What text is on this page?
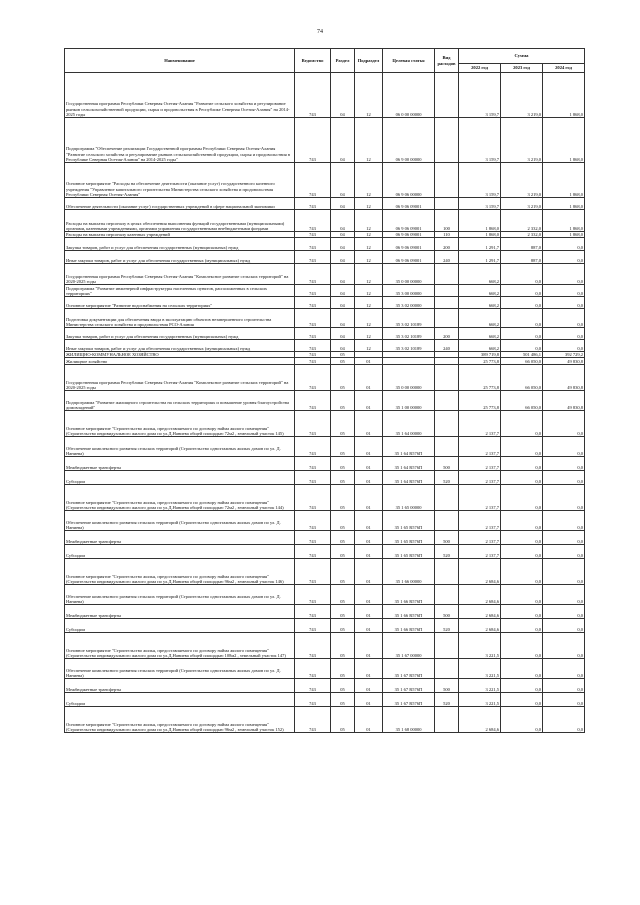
74
Наименование	Ведомство	Раздел	Подраздел	Целевая статья	Вид расходов	Сумма		
						2022 год	2023 год	2024 год
Государственная программа Республики Северная Осетия-Алания "Развитие сельского хозяйства и регулирование рынков сельскохозяйственной продукции, сырья и продовольствия в Республике Северная Осетия-Алания" на 2014-2025 годы	743	04	12	06 0 00 00000		3 159,7	3 219,0	1 868,0
Подпрограмма "Обеспечение реализации Государственной программы Республики Северная Осетия-Алания "Развитие сельского хозяйства и регулирование рынков сельскохозяйственной продукции, сырья и продовольствия в Республике Северная Осетия-Алания" на 2014-2025 годы"	743	04	12	06 9 00 00000		3 159,7	3 219,0	1 868,0
Основное мероприятие "Расходы на обеспечение деятельности (оказание услуг) государственного казенного учреждения "Управление капитального строительства Министерства сельского хозяйства и продовольствия Республики Северная Осетия-Алания"	743	04	12	06 9 06 00000		3 159,7	3 219,0	1 868,0
Обеспечение деятельности (оказание услуг) государственных учреждений в сфере национальной экономики	743	04	12	06 9 06 09001		3 159,7	3 219,0	1 868,0
Расходы на выплаты персоналу в целях обеспечения выполнения функций государственными (муниципальными) органами, казенными учреждениями, органами управления государственными внебюджетными фондами	743	04	12	06 9 06 09001	100	1 868,0	2 332,0	1 868,0
Расходы на выплаты персоналу казенных учреждений	743	04	12	06 9 06 09001	110	1 868,0	2 332,0	1 868,0
Закупка товаров, работ и услуг для обеспечения государственных (муниципальных) нужд	743	04	12	06 9 06 09001	200	1 291,7	887,0	0,0
Иные закупки товаров, работ и услуг для обеспечения государственных (муниципальных) нужд	743	04	12	06 9 06 09001	240	1 291,7	887,0	0,0
Государственная программа Республики Северная Осетия-Алания "Комплексное развитие сельских территорий" на 2020-2025 годы	743	04	12	35 0 00 00000		668,2	0,0	0,0
Подпрограмма "Развитие инженерной инфраструктуры населенных пунктов, расположенных в сельских территориях"	743	04	12	35 3 00 00000		668,2	0,0	0,0
Основное мероприятие "Развитие водоснабжения на сельских территориях"	743	04	12	35 3 02 00000		668,2	0,0	0,0
Подготовка документации для обеспечения ввода в эксплуатацию объектов незавершенного строительства Министерства сельского хозяйства и продовольствия РСО-Алания	743	04	12	35 3 02 10189		668,2	0,0	0,0
Закупка товаров, работ и услуг для обеспечения государственных (муниципальных) нужд	743	04	12	35 3 02 10189	200	668,2	0,0	0,0
Иные закупки товаров, работ и услуг для обеспечения государственных (муниципальных) нужд	743	04	12	35 3 02 10189	240	668,2	0,0	0,0
ЖИЛИЩНО-КОММУНАЛЬНОЕ ХОЗЯЙСТВО	743	05				389 719,8	501 486,1	392 729,2
Жилищное хозяйство	743	05	01			25 773,8	66 050,0	49 830,8
Государственная программа Республики Северная Осетия-Алания "Комплексное развитие сельских территорий" на 2020-2025 годы	743	05	01	35 0 00 00000		25 773,8	66 050,0	49 830,8
Подпрограмма "Развитие жилищного строительства на сельских территориях и повышение уровня благоустройства домовладений"	743	05	01	35 1 00 00000		25 773,8	66 050,0	49 830,8
Основное мероприятие "Строительство жилья, предоставляемого по договору найма жилого помещения" (Строительство индивидуального жилого дома по ул.Д.Наниева общей площадью 72м2 , земельный участок 145)	743	05	01	35 1 64 00000		2 137,7	0,0	0,0
Обеспечение комплексного развития сельских территорий (Строительство одноэтажных жилых домов по ул. Д. Наниева)	743	05	01	35 1 64 R576П		2 137,7	0,0	0,0
Межбюджетные трансферты	743	05	01	35 1 64 R576П	500	2 137,7	0,0	0,0
Субсидии	743	05	01	35 1 64 R576П	520	2 137,7	0,0	0,0
Основное мероприятие "Строительство жилья, предоставляемого по договору найма жилого помещения" (Строительство индивидуального жилого дома по ул.Д.Наниева общей площадью 72м2 , земельный участок 144)	743	05	01	35 1 65 00000		2 137,7	0,0	0,0
Обеспечение комплексного развития сельских территорий (Строительство одноэтажных жилых домов по ул. Д. Наниева)	743	05	01	35 1 65 R576П		2 137,7	0,0	0,0
Межбюджетные трансферты	743	05	01	35 1 65 R576П	500	2 137,7	0,0	0,0
Субсидии	743	05	01	35 1 65 R576П	520	2 137,7	0,0	0,0
Основное мероприятие "Строительство жилья, предоставляемого по договору найма жилого помещения" (Строительство индивидуального жилого дома по ул.Д.Наниева общей площадью 96м2 , земельный участок 146)	743	05	01	35 1 66 00000		2 684,6	0,0	0,0
Обеспечение комплексного развития сельских территорий (Строительство одноэтажных жилых домов по ул. Д. Наниева)	743	05	01	35 1 66 R576П		2 684,6	0,0	0,0
Межбюджетные трансферты	743	05	01	35 1 66 R576П	500	2 684,6	0,0	0,0
Субсидии	743	05	01	35 1 66 R576П	520	2 684,6	0,0	0,0
Основное мероприятие "Строительство жилья, предоставляемого по договору найма жилого помещения" (Строительство индивидуального жилого дома по ул.Д.Наниева общей площадью 108м2 , земельный участок 147)	743	05	01	35 1 67 00000		3 221,5	0,0	0,0
Обеспечение комплексного развития сельских территорий (Строительство одноэтажных жилых домов по ул. Д. Наниева)	743	05	01	35 1 67 R576П		3 221,5	0,0	0,0
Межбюджетные трансферты	743	05	01	35 1 67 R576П	500	3 221,5	0,0	0,0
Субсидии	743	05	01	35 1 67 R576П	520	3 221,5	0,0	0,0
Основное мероприятие "Строительство жилья, предоставляемого по договору найма жилого помещения" (Строительство индивидуального жилого дома по ул.Д.Наниева общей площадью 96м2 , земельный участок 152)	743	05	01	35 1 68 00000		2 684,6	0,0	0,0
